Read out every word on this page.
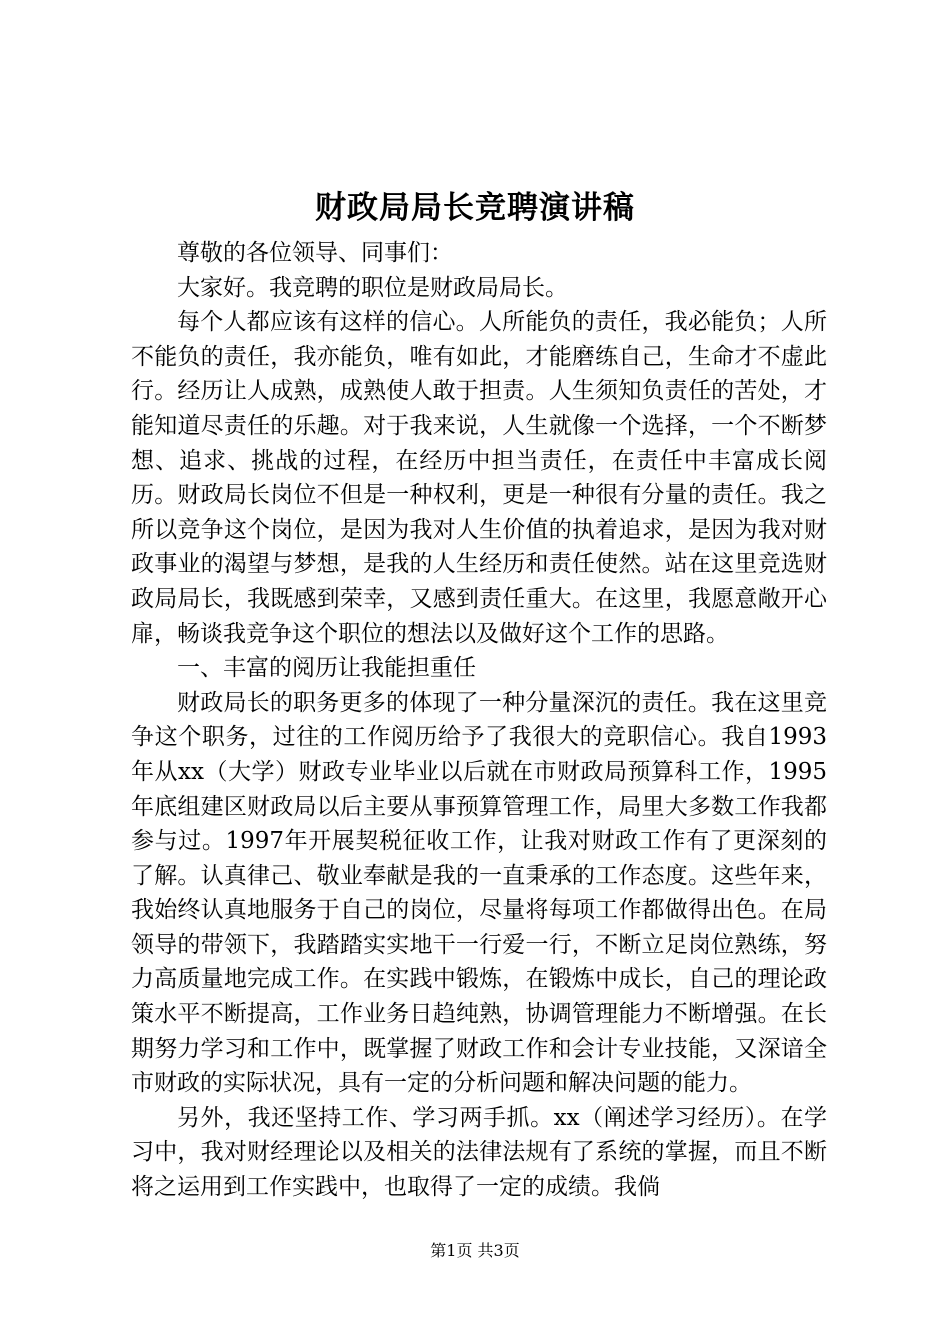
财政局局长竞聘演讲稿

尊敬的各位领导、同事们：

大家好。我竞聘的职位是财政局局长。

每个人都应该有这样的信心。人所能负的责任，我必能负；人所不能负的责任，我亦能负，唯有如此，才能磨练自己，生命才不虚此行。经历让人成熟，成熟使人敢于担责。人生须知负责任的苦处，才能知道尽责任的乐趣。对于我来说，人生就像一个选择，一个不断梦想、追求、挑战的过程，在经历中担当责任，在责任中丰富成长阅历。财政局长岗位不但是一种权利，更是一种很有分量的责任。我之所以竞争这个岗位，是因为我对人生价值的执着追求，是因为我对财政事业的渴望与梦想，是我的人生经历和责任使然。站在这里竞选财政局局长，我既感到荣幸，又感到责任重大。在这里，我愿意敞开心扉，畅谈我竞争这个职位的想法以及做好这个工作的思路。

一、丰富的阅历让我能担重任

财政局长的职务更多的体现了一种分量深沉的责任。我在这里竞争这个职务，过往的工作阅历给予了我很大的竞职信心。我自1993年从xx（大学）财政专业毕业以后就在市财政局预算科工作，1995年底组建区财政局以后主要从事预算管理工作，局里大多数工作我都参与过。1997年开展契税征收工作，让我对财政工作有了更深刻的了解。认真律己、敬业奉献是我的一直秉承的工作态度。这些年来，我始终认真地服务于自己的岗位，尽量将每项工作都做得出色。在局领导的带领下，我踏踏实实地干一行爱一行，不断立足岗位熟练，努力高质量地完成工作。在实践中锻炼，在锻炼中成长，自己的理论政策水平不断提高，工作业务日趋纯熟，协调管理能力不断增强。在长期努力学习和工作中，既掌握了财政工作和会计专业技能，又深谙全市财政的实际状况，具有一定的分析问题和解决问题的能力。

另外，我还坚持工作、学习两手抓。xx（阐述学习经历）。在学习中，我对财经理论以及相关的法律法规有了系统的掌握，而且不断将之运用到工作实践中，也取得了一定的成绩。我倘

第1页 共3页
